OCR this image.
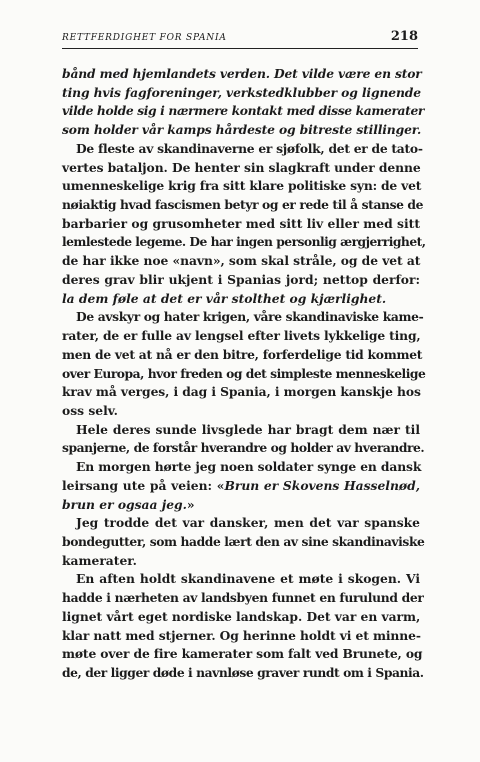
RETTFERDIGHET FOR SPANIA	218
bånd med hjemlandets verden. Det vilde være en stor
ting hvis fagforeninger, verkstedklubber og lignende
vilde holde sig i nærmere kontakt med disse kamerater
som holder vår kamps hårdeste og bitreste stillinger.
De fleste av skandinaverne er sjøfolk, det er de tato-
vertes bataljon. De henter sin slagkraft under denne
umenneskelige krig fra sitt klare politiske syn: de vet
nøiaktig hvad fascismen betyr og er rede til å stanse de
barbarier og grusomheter med sitt liv eller med sitt
lemlestede legeme. De har ingen personlig ærgjerrighet,
de har ikke noe «navn», som skal stråle, og de vet at
deres grav blir ukjent i Spanias jord; nettop derfor:
la dem føle at det er vår stolthet og kjærlighet.
De avskyr og hater krigen, våre skandinaviske kame-
rater, de er fulle av lengsel efter livets lykkelige ting,
men de vet at nå er den bitre, forferdelige tid kommet
over Europa, hvor freden og det simpleste menneskelige
krav må verges, i dag i Spania, i morgen kanskje hos
oss selv.
Hele deres sunde livsglede har bragt dem nær til
spanjerne, de forstår hverandre og holder av hverandre.
En morgen hørte jeg noen soldater synge en dansk
leirsang ute på veien: «Brun er Skovens Hasselnød,
brun er ogsaa jeg.»
Jeg trodde det var dansker, men det var spanske
bondegutter, som hadde lært den av sine skandinaviske
kamerater.
En aften holdt skandinavene et møte i skogen. Vi
hadde i nærheten av landsbyen funnet en furulund der
lignet vårt eget nordiske landskap. Det var en varm,
klar natt med stjerner. Og herinne holdt vi et minne-
møte over de fire kamerater som falt ved Brunete, og
de, der ligger døde i navnløse graver rundt om i Spania.
